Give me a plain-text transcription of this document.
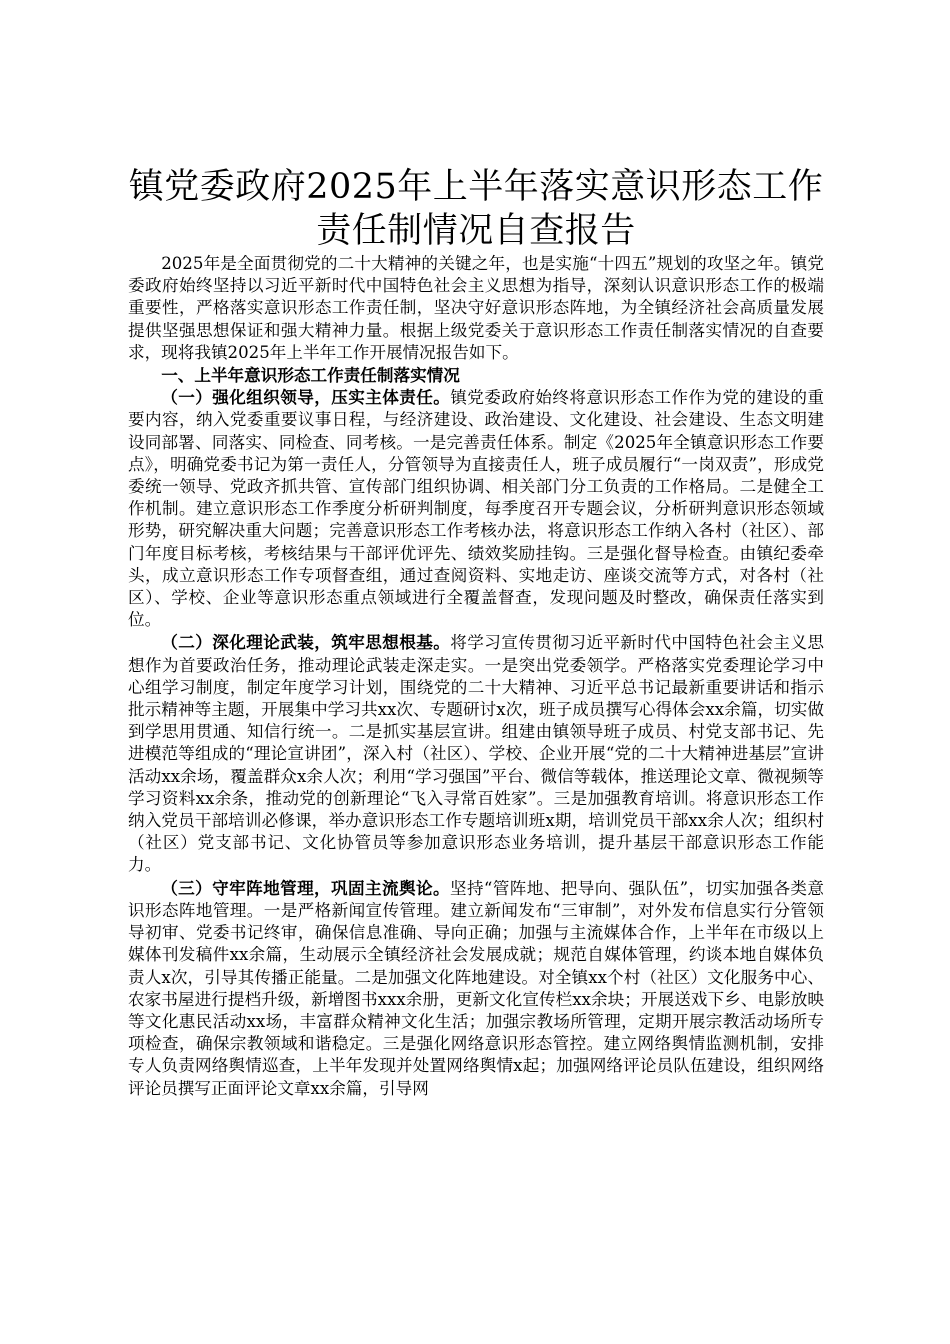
镇党委政府2025年上半年落实意识形态工作
责任制情况自查报告

2025年是全面贯彻党的二十大精神的关键之年，也是实施“十四五”规划的攻坚之年。镇党委政府始终坚持以习近平新时代中国特色社会主义思想为指导，深刻认识意识形态工作的极端重要性，严格落实意识形态工作责任制，坚决守好意识形态阵地，为全镇经济社会高质量发展提供坚强思想保证和强大精神力量。根据上级党委关于意识形态工作责任制落实情况的自查要求，现将我镇2025年上半年工作开展情况报告如下。

一、上半年意识形态工作责任制落实情况

（一）强化组织领导，压实主体责任。镇党委政府始终将意识形态工作作为党的建设的重要内容，纳入党委重要议事日程，与经济建设、政治建设、文化建设、社会建设、生态文明建设同部署、同落实、同检查、同考核。一是完善责任体系。制定《2025年全镇意识形态工作要点》，明确党委书记为第一责任人，分管领导为直接责任人，班子成员履行“一岗双责”，形成党委统一领导、党政齐抓共管、宣传部门组织协调、相关部门分工负责的工作格局。二是健全工作机制。建立意识形态工作季度分析研判制度，每季度召开专题会议，分析研判意识形态领域形势，研究解决重大问题；完善意识形态工作考核办法，将意识形态工作纳入各村（社区）、部门年度目标考核，考核结果与干部评优评先、绩效奖励挂钩。三是强化督导检查。由镇纪委牵头，成立意识形态工作专项督查组，通过查阅资料、实地走访、座谈交流等方式，对各村（社区）、学校、企业等意识形态重点领域进行全覆盖督查，发现问题及时整改，确保责任落实到位。

（二）深化理论武装，筑牢思想根基。将学习宣传贯彻习近平新时代中国特色社会主义思想作为首要政治任务，推动理论武装走深走实。一是突出党委领学。严格落实党委理论学习中心组学习制度，制定年度学习计划，围绕党的二十大精神、习近平总书记最新重要讲话和指示批示精神等主题，开展集中学习共xx次、专题研讨x次，班子成员撰写心得体会xx余篇，切实做到学思用贯通、知信行统一。二是抓实基层宣讲。组建由镇领导班子成员、村党支部书记、先进模范等组成的“理论宣讲团”，深入村（社区）、学校、企业开展“党的二十大精神进基层”宣讲活动xx余场，覆盖群众x余人次；利用“学习强国”平台、微信等载体，推送理论文章、微视频等学习资料xx余条，推动党的创新理论“飞入寻常百姓家”。三是加强教育培训。将意识形态工作纳入党员干部培训必修课，举办意识形态工作专题培训班x期，培训党员干部xx余人次；组织村（社区）党支部书记、文化协管员等参加意识形态业务培训，提升基层干部意识形态工作能力。

（三）守牢阵地管理，巩固主流舆论。坚持“管阵地、把导向、强队伍”，切实加强各类意识形态阵地管理。一是严格新闻宣传管理。建立新闻发布“三审制”，对外发布信息实行分管领导初审、党委书记终审，确保信息准确、导向正确；加强与主流媒体合作，上半年在市级以上媒体刊发稿件xx余篇，生动展示全镇经济社会发展成就；规范自媒体管理，约谈本地自媒体负责人x次，引导其传播正能量。二是加强文化阵地建设。对全镇xx个村（社区）文化服务中心、农家书屋进行提档升级，新增图书xxx余册，更新文化宣传栏xx余块；开展送戏下乡、电影放映等文化惠民活动xx场，丰富群众精神文化生活；加强宗教场所管理，定期开展宗教活动场所专项检查，确保宗教领域和谐稳定。三是强化网络意识形态管控。建立网络舆情监测机制，安排专人负责网络舆情巡查，上半年发现并处置网络舆情x起；加强网络评论员队伍建设，组织网络评论员撰写正面评论文章xx余篇，引导网
